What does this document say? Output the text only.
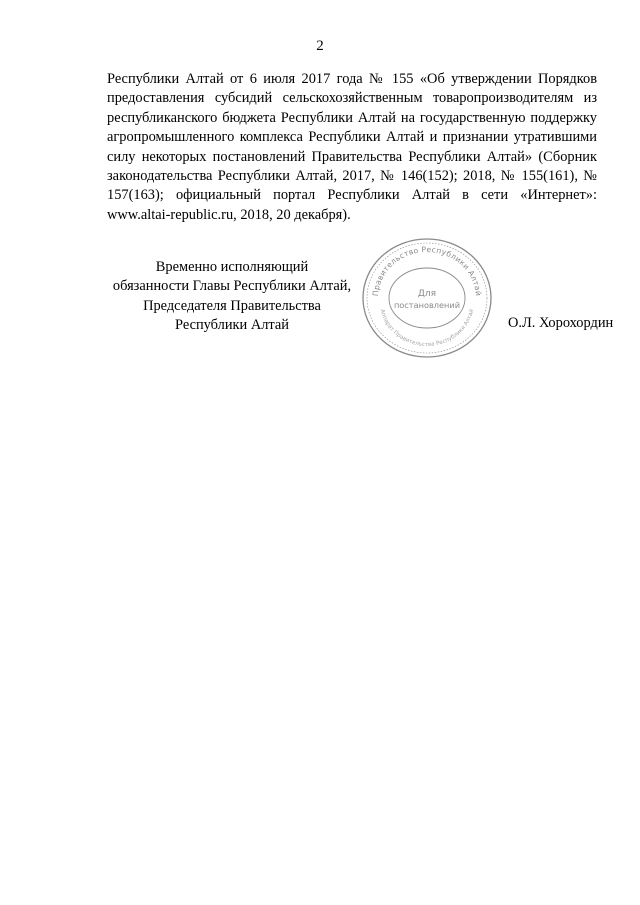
2

Республики Алтай от 6 июля 2017 года № 155 «Об утверждении Порядков предоставления субсидий сельскохозяйственным товаропроизводителям из республиканского бюджета Республики Алтай на государственную поддержку агропромышленного комплекса Республики Алтай и признании утратившими силу некоторых постановлений Правительства Республики Алтай» (Сборник законодательства Республики Алтай, 2017, № 146(152); 2018, № 155(161), № 157(163); официальный портал Республики Алтай в сети «Интернет»: www.altai-republic.ru, 2018, 20 декабря).

Временно исполняющий
обязанности Главы Республики Алтай,
Председателя Правительства
Республики Алтай
Правительство Республики Алтай
Аппарат Правительства Республики Алтай
Для
постановлений
О.Л. Хорохордин
